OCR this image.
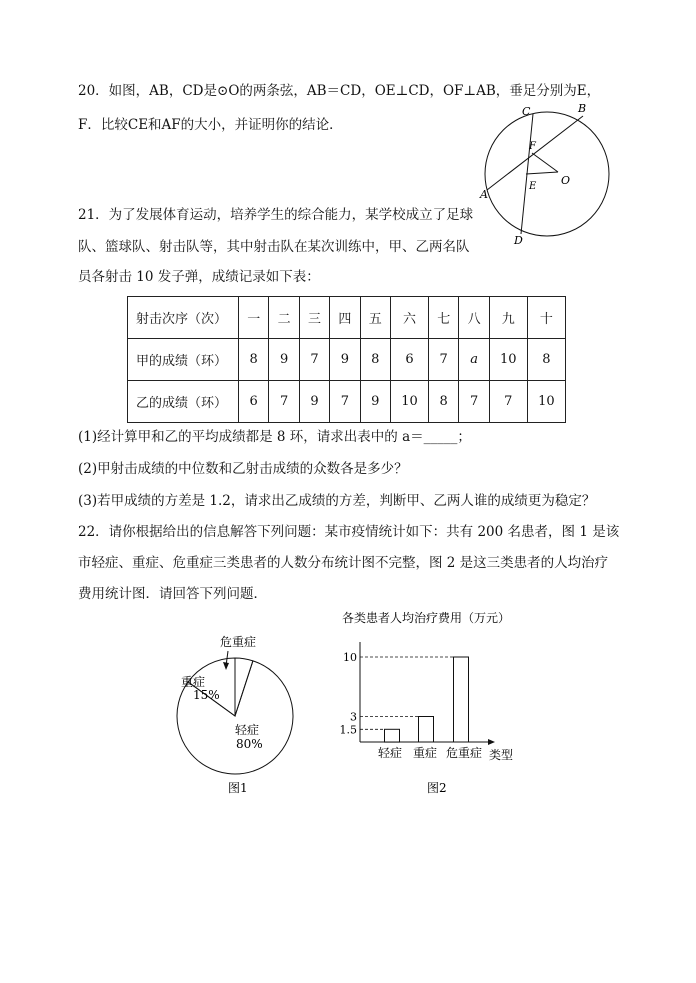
20．如图，AB，CD是⊙O的两条弦，AB＝CD，OE⊥CD，OF⊥AB，垂足分别为E，
F．比较CE和AF的大小，并证明你的结论．
C	B
F
O
E
A
D
21．为了发展体育运动，培养学生的综合能力，某学校成立了足球
队、篮球队、射击队等，其中射击队在某次训练中，甲、乙两名队
员各射击 10 发子弹，成绩记录如下表：
射击次序（次）	一	二	三	四	五	六	七	八	九	十
甲的成绩（环）	8	9	7	9	8	6	7	a	10	8
乙的成绩（环）	6	7	9	7	9	10	8	7	7	10
(1)经计算甲和乙的平均成绩都是 8 环，请求出表中的 a＝_____；
(2)甲射击成绩的中位数和乙射击成绩的众数各是多少？
(3)若甲成绩的方差是 1.2，请求出乙成绩的方差，判断甲、乙两人谁的成绩更为稳定？
22．请你根据给出的信息解答下列问题：某市疫情统计如下：共有 200 名患者，图 1 是该
市轻症、重症、危重症三类患者的人数分布统计图不完整，图 2 是这三类患者的人均治疗
费用统计图．请回答下列问题．
危重症
重症
15%
轻症
80%
图1
各类患者人均治疗费用（万元）
类型
图2
1.5
轻症
3
重症
10
危重症
